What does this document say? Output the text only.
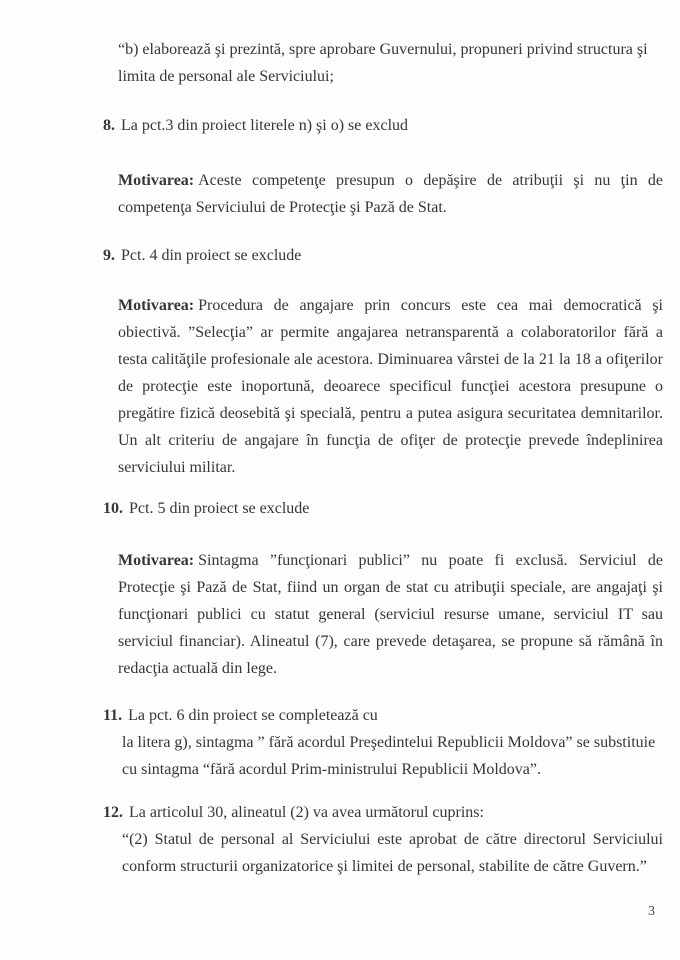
“b) elaborează şi prezintă, spre aprobare Guvernului, propuneri privind structura şi limita de personal ale Serviciului;

8. La pct.3 din proiect literele n) şi o) se exclud

Motivarea: Aceste competenţe presupun o depăşire de atribuţii şi nu ţin de competenţa Serviciului de Protecţie şi Pază de Stat.

9. Pct. 4 din proiect se exclude

Motivarea: Procedura de angajare prin concurs este cea mai democratică şi obiectivă. ”Selecţia” ar permite angajarea netransparentă a colaboratorilor fără a testa calităţile profesionale ale acestora. Diminuarea vârstei de la 21 la 18 a ofiţerilor de protecţie este inoportună, deoarece specificul funcţiei acestora presupune o pregătire fizică deosebită şi specială, pentru a putea asigura securitatea demnitarilor. Un alt criteriu de angajare în funcţia de ofiţer de protecţie prevede îndeplinirea serviciului militar.

10. Pct. 5 din proiect se exclude

Motivarea: Sintagma ”funcţionari publici” nu poate fi exclusă. Serviciul de Protecţie şi Pază de Stat, fiind un organ de stat cu atribuţii speciale, are angajaţi şi funcţionari publici cu statut general (serviciul resurse umane, serviciul IT sau serviciul financiar). Alineatul (7), care prevede detaşarea, se propune să rămână în redacţia actuală din lege.

11. La pct. 6 din proiect se completează cu

la litera g), sintagma ” fără acordul Preşedintelui Republicii Moldova” se substituie cu sintagma “fără acordul Prim-ministrului Republicii Moldova”.

12. La articolul 30, alineatul (2) va avea următorul cuprins:

“(2) Statul de personal al Serviciului este aprobat de către directorul Serviciului conform structurii organizatorice şi limitei de personal, stabilite de către Guvern.”

3
